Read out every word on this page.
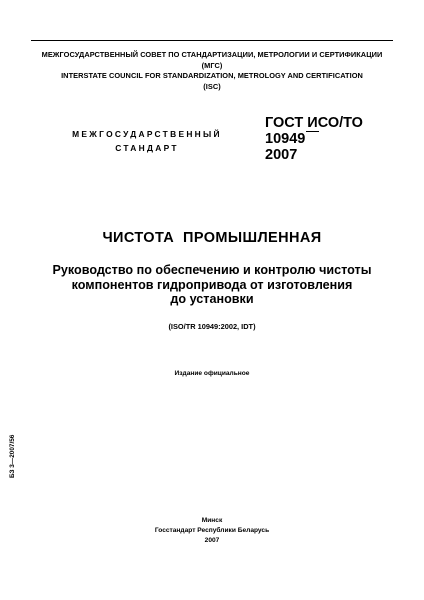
МЕЖГОСУДАРСТВЕННЫЙ СОВЕТ ПО СТАНДАРТИЗАЦИИ, МЕТРОЛОГИИ И СЕРТИФИКАЦИИ
(МГС)
INTERSTATE COUNCIL FOR STANDARDIZATION, METROLOGY AND CERTIFICATION
(ISC)
МЕЖГОСУДАРСТВЕННЫЙ
СТАНДАРТ
ГОСТ ИСО/ТО
10949
2007
ЧИСТОТА  ПРОМЫШЛЕННАЯ
Руководство по обеспечению и контролю чистоты
компонентов гидропривода от изготовления
до установки
(ISO/TR 10949:2002, IDT)
Издание официальное
БЗ 3—2007/56
Минск
Госстандарт Республики Беларусь
2007
